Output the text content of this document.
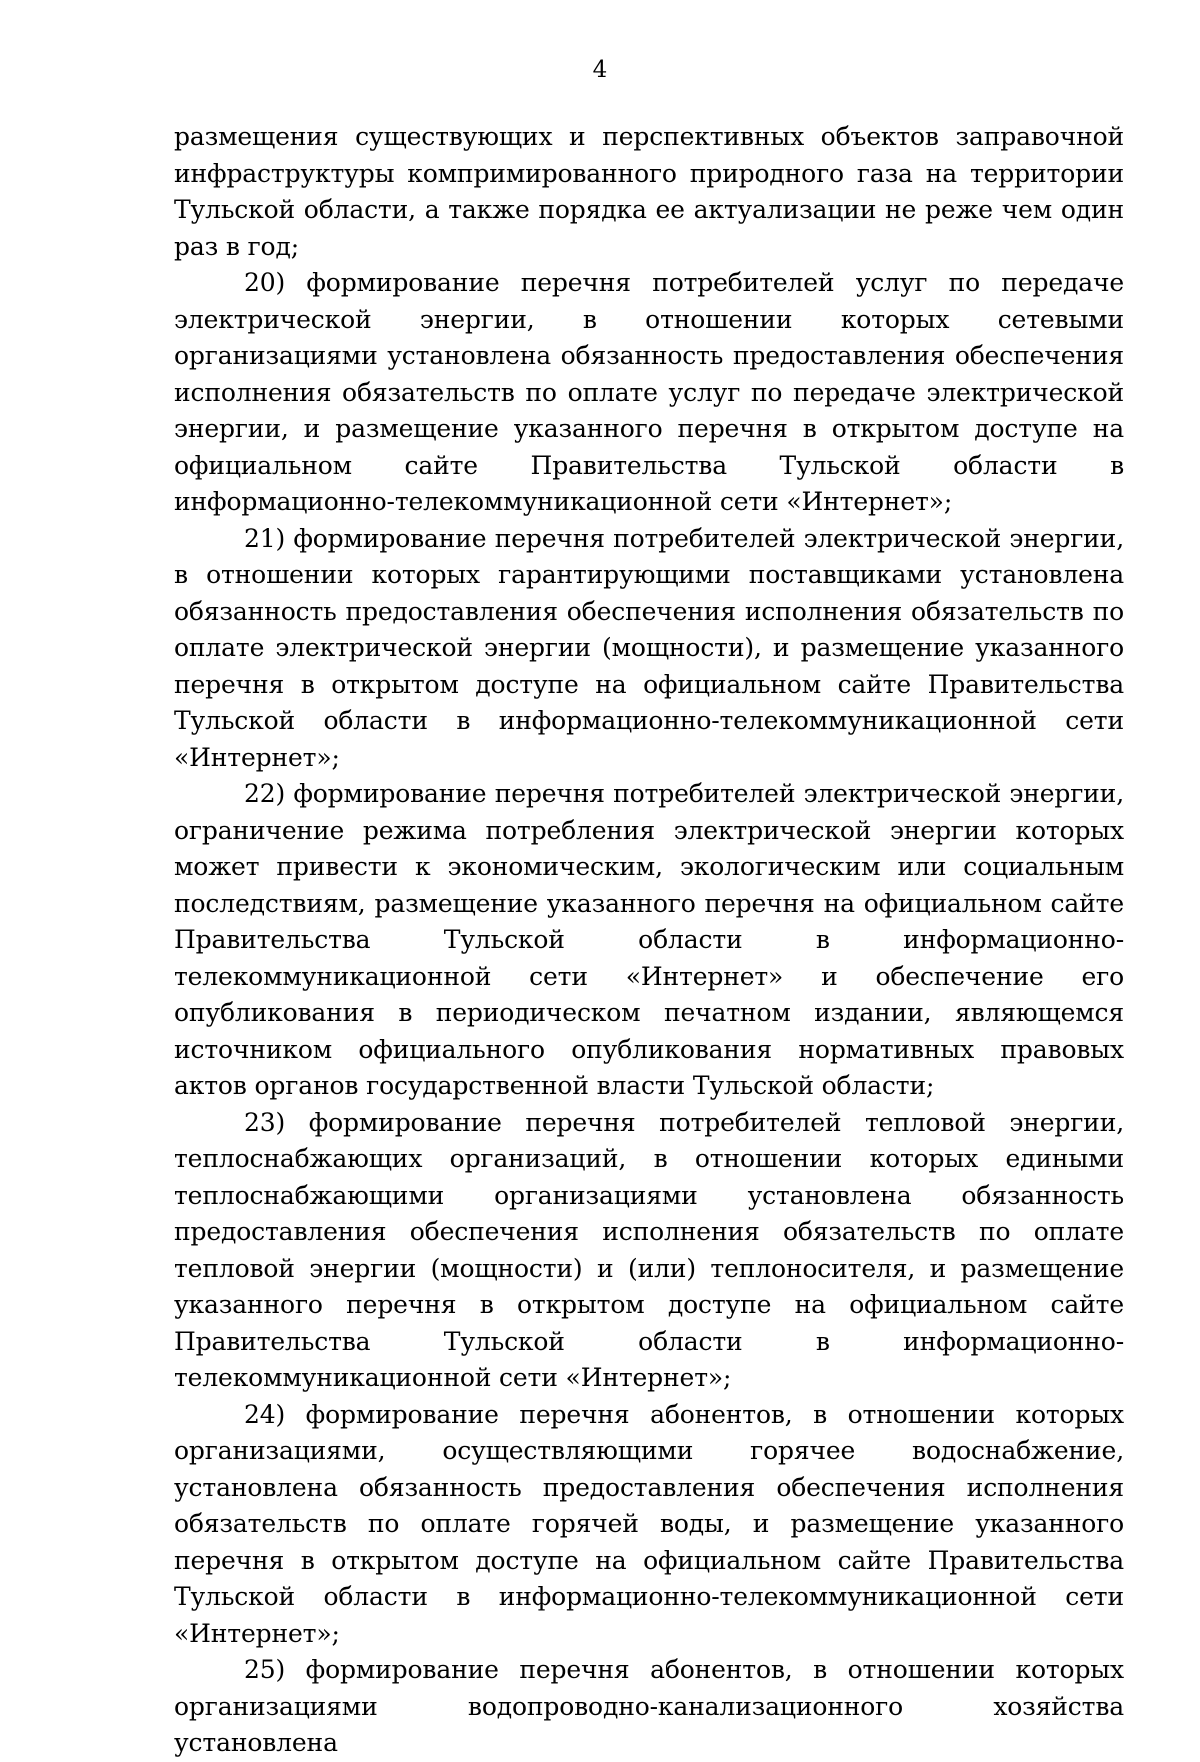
4

размещения существующих и перспективных объектов заправочной инфраструктуры компримированного природного газа на территории Тульской области, а также порядка ее актуализации не реже чем один раз в год;

20) формирование перечня потребителей услуг по передаче электрической энергии, в отношении которых сетевыми организациями установлена обязанность предоставления обеспечения исполнения обязательств по оплате услуг по передаче электрической энергии, и размещение указанного перечня в открытом доступе на официальном сайте Правительства Тульской области в информационно-телекоммуникационной сети «Интернет»;

21) формирование перечня потребителей электрической энергии, в отношении которых гарантирующими поставщиками установлена обязанность предоставления обеспечения исполнения обязательств по оплате электрической энергии (мощности), и размещение указанного перечня в открытом доступе на официальном сайте Правительства Тульской области в информационно-телекоммуникационной сети «Интернет»;

22) формирование перечня потребителей электрической энергии, ограничение режима потребления электрической энергии которых может привести к экономическим, экологическим или социальным последствиям, размещение указанного перечня на официальном сайте Правительства Тульской области в информационно-телекоммуникационной сети «Интернет» и обеспечение его опубликования в периодическом печатном издании, являющемся источником официального опубликования нормативных правовых актов органов государственной власти Тульской области;

23) формирование перечня потребителей тепловой энергии, теплоснабжающих организаций, в отношении которых едиными теплоснабжающими организациями установлена обязанность предоставления обеспечения исполнения обязательств по оплате тепловой энергии (мощности) и (или) теплоносителя, и размещение указанного перечня в открытом доступе на официальном сайте Правительства Тульской области в информационно-телекоммуникационной сети «Интернет»;

24) формирование перечня абонентов, в отношении которых организациями, осуществляющими горячее водоснабжение, установлена обязанность предоставления обеспечения исполнения обязательств по оплате горячей воды, и размещение указанного перечня в открытом доступе на официальном сайте Правительства Тульской области в информационно-телекоммуникационной сети «Интернет»;

25) формирование перечня абонентов, в отношении которых организациями водопроводно-канализационного хозяйства установлена
